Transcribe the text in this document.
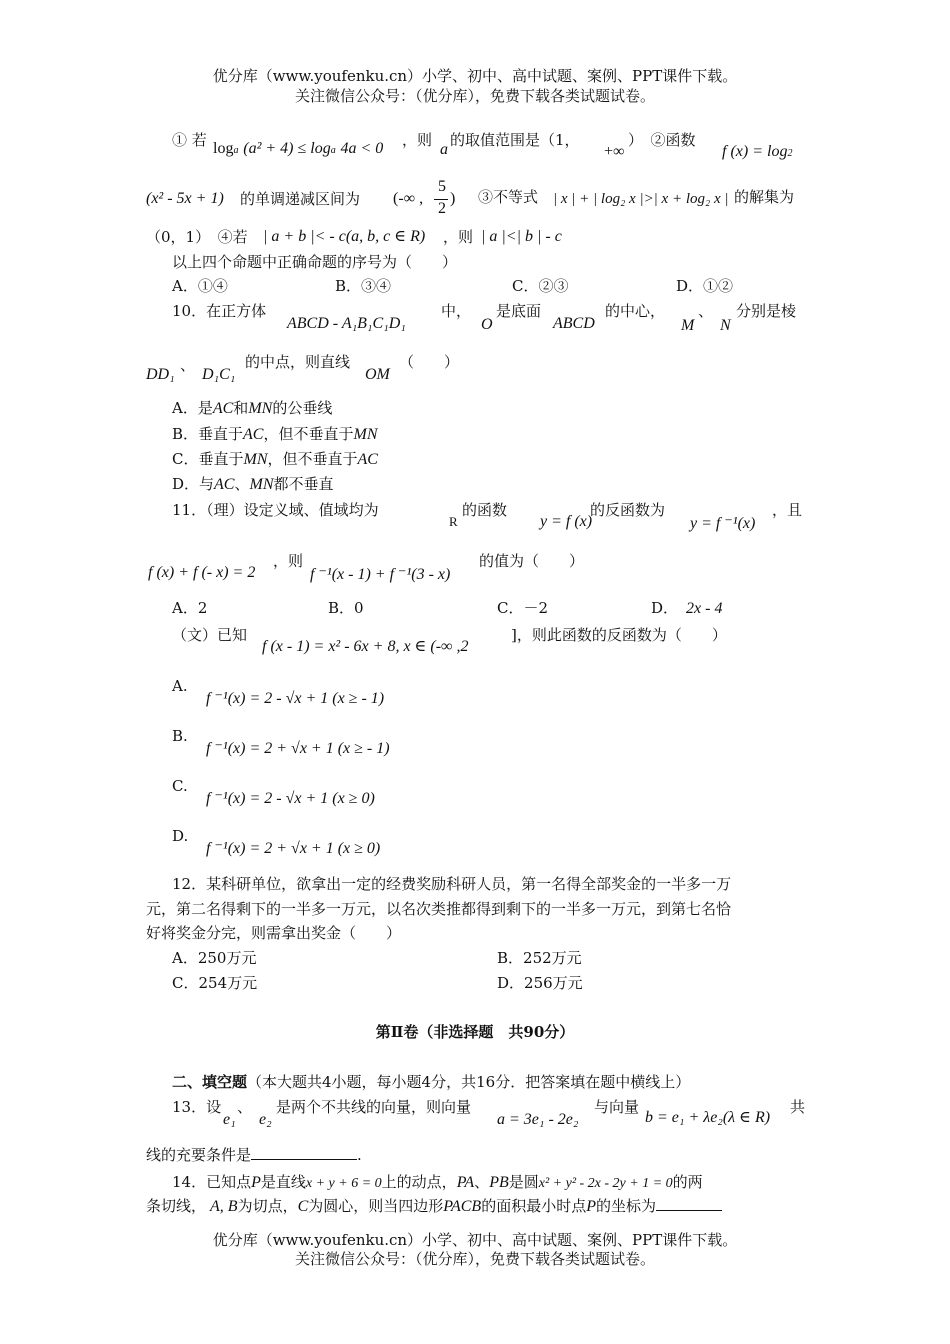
优分库（www.youfenku.cn）小学、初中、高中试题、案例、PPT课件下载。
关注微信公众号：（优分库），免费下载各类试题试卷。
① 若 loga (a² + 4) ≤ loga 4a < 0 ，则
a
的取值范围是（1，
+∞
）　②函数
f (x) = log2
(x² - 5x + 1) 的单调递减区间为 (-∞ ,
5
2
) ③不等式 | x | + | log₂ x |>| x + log₂ x | 的解集为
（0，1）　④若 | a + b |< - c(a, b, c ∈ R) ，则 | a |<| b | - c
以上四个命题中正确命题的序号为（　　）
A．①④	B．③④	C．②③	D．①②
10．在正方体
ABCD - A₁B₁C₁D₁
中，
O
是底面
ABCD
的中心，
M
、
N
分别是棱
DD₁
、
D₁C₁
的中点，则直线
OM
（　　）
A．是AC和MN的公垂线
B．垂直于AC，但不垂直于MN
C．垂直于MN，但不垂直于AC
D．与AC、MN都不垂直
11．（理）设定义域、值域均为
R
的函数
y = f (x)
的反函数为
y = f ⁻¹(x)
，且
f (x) + f (- x) = 2
，则
f ⁻¹(x - 1) + f ⁻¹(3 - x)
的值为（　　）
A．2	B．0	C．－2	D． 2x - 4
（文）已知
f (x - 1) = x² - 6x + 8, x ∈ (-∞ ,2
]，则此函数的反函数为（　　）
A.
f ⁻¹(x) = 2 - √x + 1 (x ≥ - 1)
B.
f ⁻¹(x) = 2 + √x + 1 (x ≥ - 1)
C.
f ⁻¹(x) = 2 - √x + 1 (x ≥ 0)
D.
f ⁻¹(x) = 2 + √x + 1 (x ≥ 0)
12．某科研单位，欲拿出一定的经费奖励科研人员，第一名得全部奖金的一半多一万
元，第二名得剩下的一半多一万元，以名次类推都得到剩下的一半多一万元，到第七名恰
好将奖金分完，则需拿出奖金（　　）
A．250万元	B．252万元
C．254万元	D．256万元
第Ⅱ卷（非选择题　共90分）
二、填空题（本大题共4小题，每小题4分，共16分．把答案填在题中横线上）
13．设
e₁
、
e₂
是两个不共线的向量，则向量
a = 3e₁ - 2e₂
与向量
b = e₁ + λe₂(λ ∈ R)
共
线的充要条件是	.
14．已知点P是直线x + y + 6 = 0上的动点，PA、PB是圆x² + y² - 2x - 2y + 1 = 0的两
条切线， A, B为切点，C为圆心，则当四边形PACB的面积最小时点P的坐标为
优分库（www.youfenku.cn）小学、初中、高中试题、案例、PPT课件下载。
关注微信公众号：（优分库），免费下载各类试题试卷。
